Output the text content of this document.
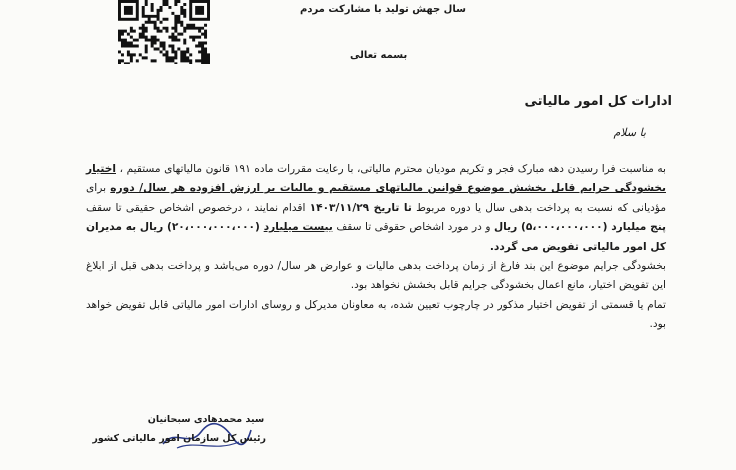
سال جهش تولید با مشارکت مردم
بسمه تعالی
ادارات کل امور مالیاتی
با سلام

به مناسبت فرا رسیدن دهه مبارک فجر و تکریم مودیان محترم مالیاتی، با رعایت مقررات ماده ۱۹۱ قانون مالیاتهای مستقیم ، اختیار بخشودگی جرایم قابل بخشش موضوع قوانین مالیاتهای مستقیم و مالیات بر ارزش افزوده هر سال/ دوره برای مؤدیانی که نسبت به پرداخت بدهی سال یا دوره مربوط تا تاریخ ۱۴۰۳/۱۱/۲۹ اقدام نمایند ، درخصوص اشخاص حقیقی تا سقف پنج میلیارد (۵،۰۰۰،۰۰۰،۰۰۰) ریال و در مورد اشخاص حقوقی تا سقف بیست میلیارد (۲۰،۰۰۰،۰۰۰،۰۰۰) ریال به مدیران کل امور مالیاتی تفویض می گردد.

بخشودگی جرایم موضوع این بند فارغ از زمان پرداخت بدهی مالیات و عوارض هر سال/ دوره می‌باشد و پرداخت بدهی قبل از ابلاغ این تفویض اختیار، مانع اعمال بخشودگی جرایم قابل بخشش نخواهد بود.

تمام یا قسمتی از تفویض اختیار مذکور در چارچوب تعیین شده، به معاونان مدیرکل و روسای ادارات امور مالیاتی قابل تفویض خواهد بود.

سید محمدهادی سبحانیان
رئیس کل سازمان امور مالیاتی کشور
